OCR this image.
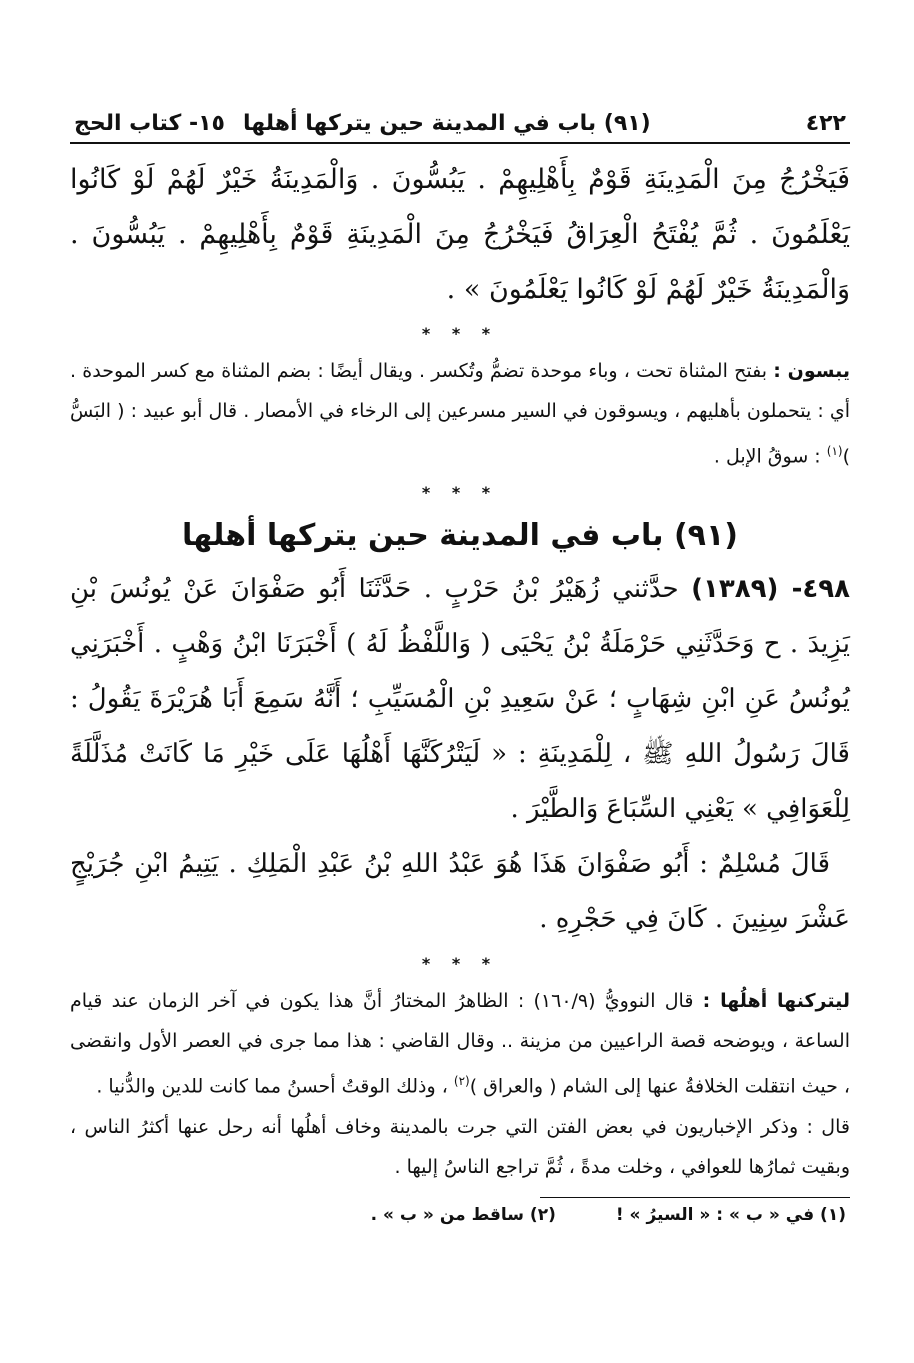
٤٢٢
(٩١) باب في المدينة حين يتركها أهلها
١٥- كتاب الحج
فَيَخْرُجُ مِنَ الْمَدِينَةِ قَوْمٌ بِأَهْلِيهِمْ . يَبُسُّونَ . وَالْمَدِينَةُ خَيْرٌ لَهُمْ لَوْ كَانُوا يَعْلَمُونَ . ثُمَّ يُفْتَحُ الْعِرَاقُ فَيَخْرُجُ مِنَ الْمَدِينَةِ قَوْمٌ بِأَهْلِيهِمْ . يَبُسُّونَ . وَالْمَدِينَةُ خَيْرٌ لَهُمْ لَوْ كَانُوا يَعْلَمُونَ » .
* * *
يبسون : بفتح المثناة تحت ، وباء موحدة تضمُّ وتُكسر . ويقال أيضًا : بضم المثناة مع كسر الموحدة . أي : يتحملون بأهليهم ، ويسوقون في السير مسرعين إلى الرخاء في الأمصار . قال أبو عبيد : ( البَسُّ )$^{(١)}$ : سوقُ الإبل .
* * *
(٩١) باب في المدينة حين يتركها أهلها
٤٩٨- (١٣٨٩) حدَّثني زُهَيْرُ بْنُ حَرْبٍ . حَدَّثَنَا أَبُو صَفْوَانَ عَنْ يُونُسَ بْنِ يَزِيدَ . ح وَحَدَّثَنِي حَرْمَلَةُ بْنُ يَحْيَى ( وَاللَّفْظُ لَهُ ) أَخْبَرَنَا ابْنُ وَهْبٍ . أَخْبَرَنِي يُونُسُ عَنِ ابْنِ شِهَابٍ ؛ عَنْ سَعِيدِ بْنِ الْمُسَيِّبِ ؛ أَنَّهُ سَمِعَ أَبَا هُرَيْرَةَ يَقُولُ : قَالَ رَسُولُ اللهِ ﷺ ، لِلْمَدِينَةِ : « لَيَتْرُكَنَّهَا أَهْلُهَا عَلَى خَيْرِ مَا كَانَتْ مُذَلَّلَةً لِلْعَوَافِي » يَعْنِي السِّبَاعَ وَالطَّيْرَ .
قَالَ مُسْلِمٌ : أَبُو صَفْوَانَ هَذَا هُوَ عَبْدُ اللهِ بْنُ عَبْدِ الْمَلِكِ . يَتِيمُ ابْنِ جُرَيْجٍ عَشْرَ سِنِينَ . كَانَ فِي حَجْرِهِ .
* * *
ليتركنها أهلُها : قال النوويُّ (١٦٠/٩) : الظاهرُ المختارُ أنَّ هذا يكون في آخر الزمان عند قيام الساعة ، ويوضحه قصة الراعيين من مزينة .. وقال القاضي : هذا مما جرى في العصر الأول وانقضى ، حيث انتقلت الخلافةُ عنها إلى الشام ( والعراق )$^{(٢)}$ ، وذلك الوقتُ أحسنُ مما كانت للدين والدُّنيا .
قال : وذكر الإخباريون في بعض الفتن التي جرت بالمدينة وخاف أهلُها أنه رحل عنها أكثرُ الناس ، وبقيت ثمارُها للعوافي ، وخلت مدةً ، ثُمَّ تراجع الناسُ إليها .
(١) في « ب » : « السيرُ » !
(٢) ساقط من « ب » .
